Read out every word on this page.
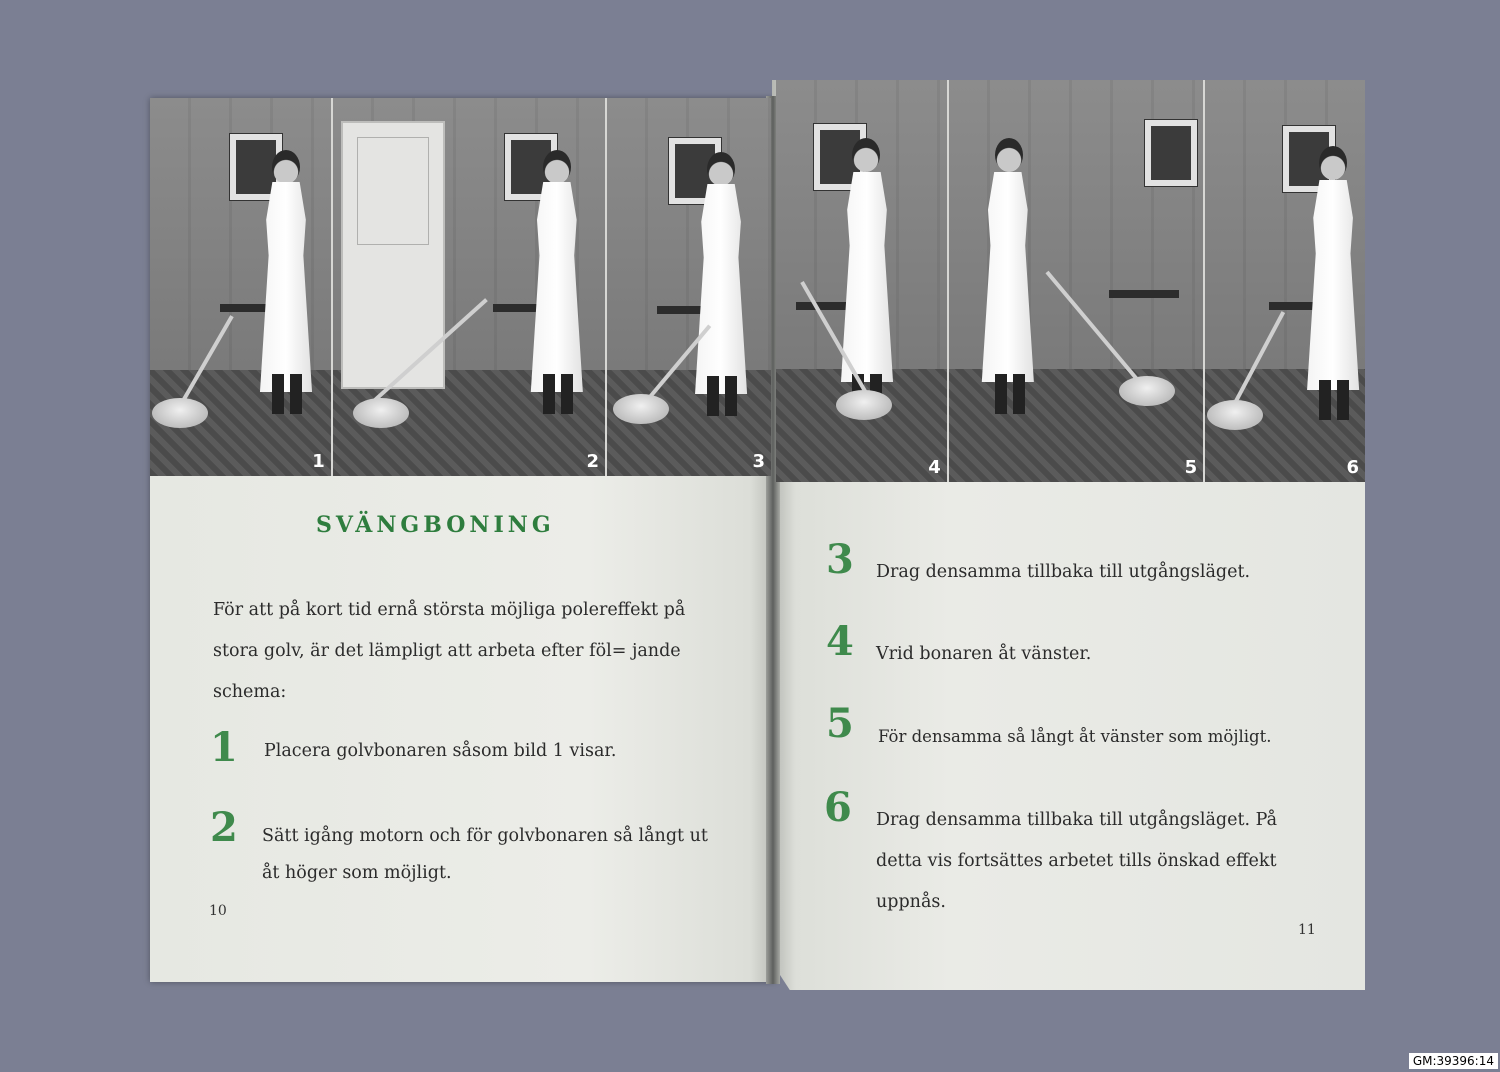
1	2	3	4	5	6
SVÄNGBONING
För att på kort tid ernå största möjliga polereffekt på stora golv, är det lämpligt att arbeta efter föl= jande schema:
1 Placera golvbonaren såsom bild 1 visar.
2 Sätt igång motorn och för golvbonaren så långt ut åt höger som möjligt.
10
3 Drag densamma tillbaka till utgångsläget.
4 Vrid bonaren åt vänster.
5 För densamma så långt åt vänster som möjligt.
6 Drag densamma tillbaka till utgångsläget. På detta vis fortsättes arbetet tills önskad effekt uppnås.
11
GM:39396:14
